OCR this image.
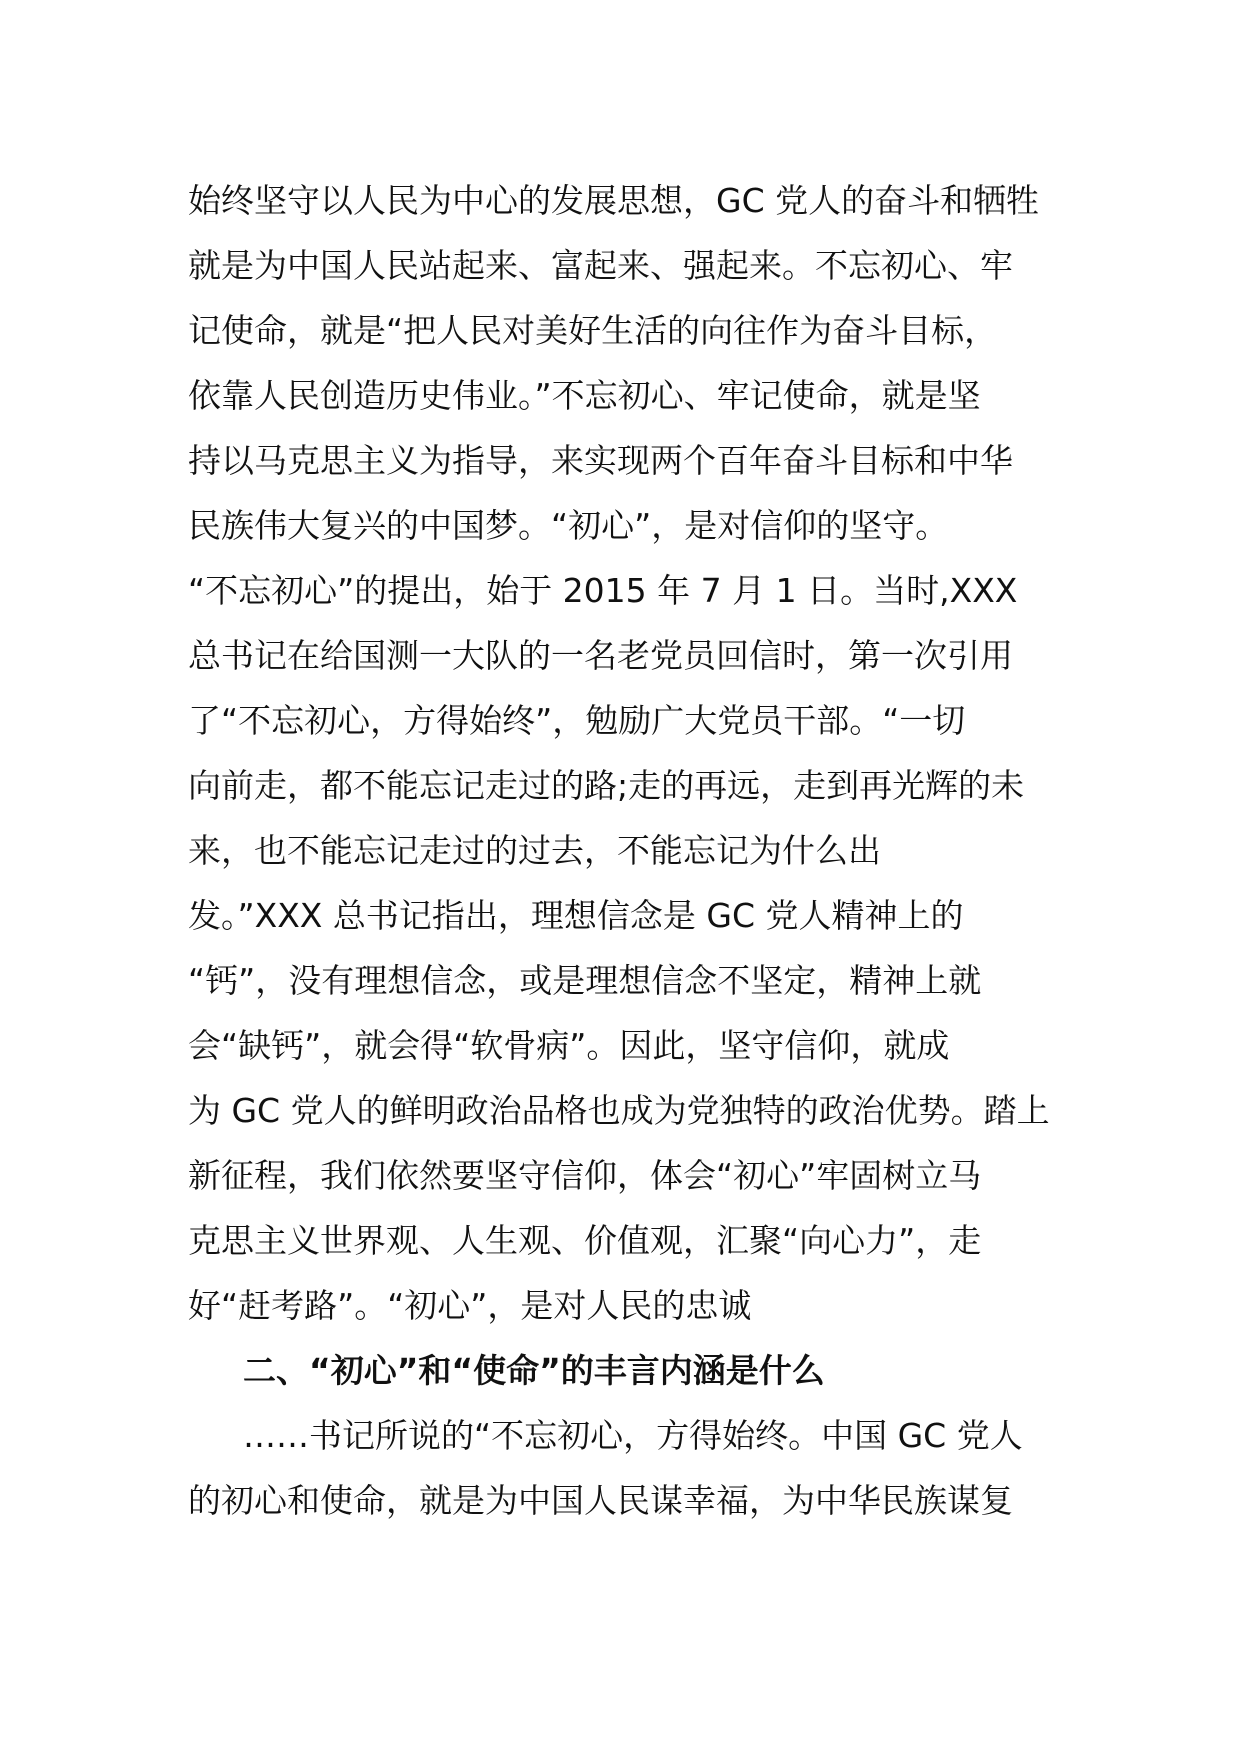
始终坚守以人民为中心的发展思想，GC 党人的奋斗和牺牲
就是为中国人民站起来、富起来、强起来。不忘初心、牢
记使命，就是“把人民对美好生活的向往作为奋斗目标，
依靠人民创造历史伟业。”不忘初心、牢记使命，就是坚
持以马克思主义为指导，来实现两个百年奋斗目标和中华
民族伟大复兴的中国梦。“初心”，是对信仰的坚守。
“不忘初心”的提出，始于 2015 年 7 月 1 日。当时,XXX
总书记在给国测一大队的一名老党员回信时，第一次引用
了“不忘初心，方得始终”，勉励广大党员干部。“一切
向前走，都不能忘记走过的路;走的再远，走到再光辉的未
来，也不能忘记走过的过去，不能忘记为什么出
发。”XXX 总书记指出，理想信念是 GC 党人精神上的
“钙”，没有理想信念，或是理想信念不坚定，精神上就
会“缺钙”，就会得“软骨病”。因此，坚守信仰，就成
为 GC 党人的鲜明政治品格也成为党独特的政治优势。踏上
新征程，我们依然要坚守信仰，体会“初心”牢固树立马
克思主义世界观、人生观、价值观，汇聚“向心力”，走
好“赶考路”。“初心”，是对人民的忠诚
二、“初心”和“使命”的丰言内涵是什么
……书记所说的“不忘初心，方得始终。中国 GC 党人
的初心和使命，就是为中国人民谋幸福，为中华民族谋复
